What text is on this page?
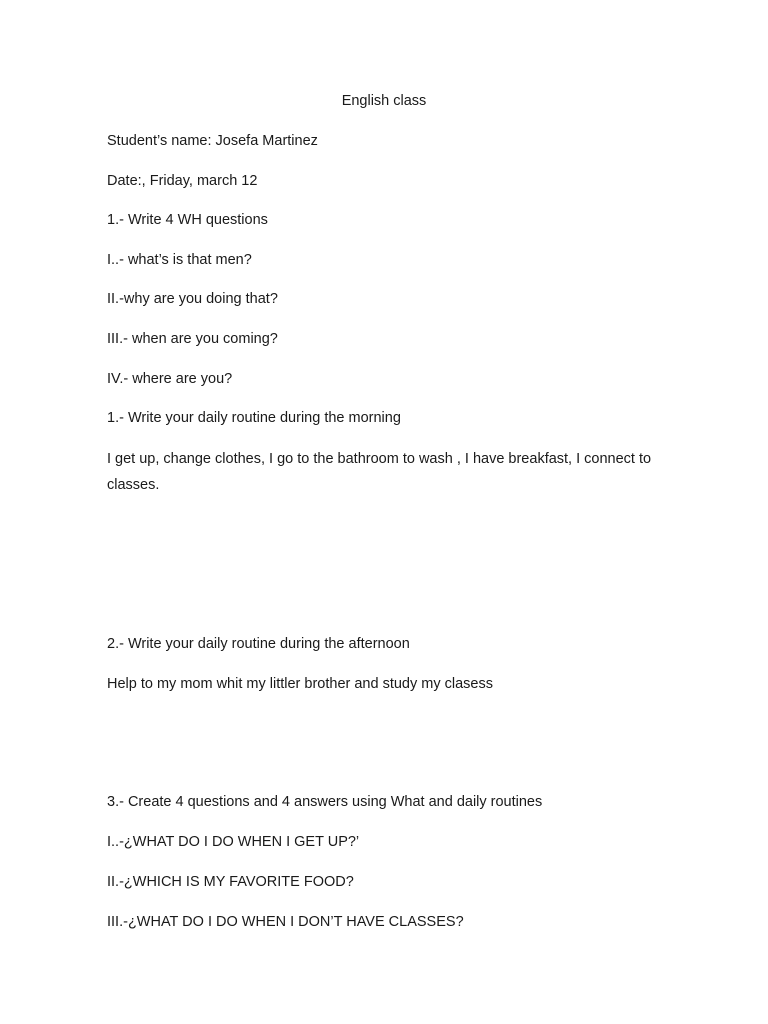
English class
Student’s name: Josefa Martinez
Date:, Friday, march 12
1.- Write 4 WH questions
I..- what’s is that men?
II.-why are you doing that?
III.- when are you coming?
IV.- where are you?
1.- Write your daily routine during the morning
I get up, change clothes, I go to the bathroom to wash , I have breakfast, I connect to classes.
2.- Write your daily routine during the afternoon
Help to my mom whit my littler brother and study my clasess
3.- Create 4 questions and 4 answers using What and daily routines
I..-¿WHAT DO I DO WHEN I GET UP?’
II.-¿WHICH IS MY FAVORITE FOOD?
III.-¿WHAT DO I DO WHEN I DON’T HAVE CLASSES?
